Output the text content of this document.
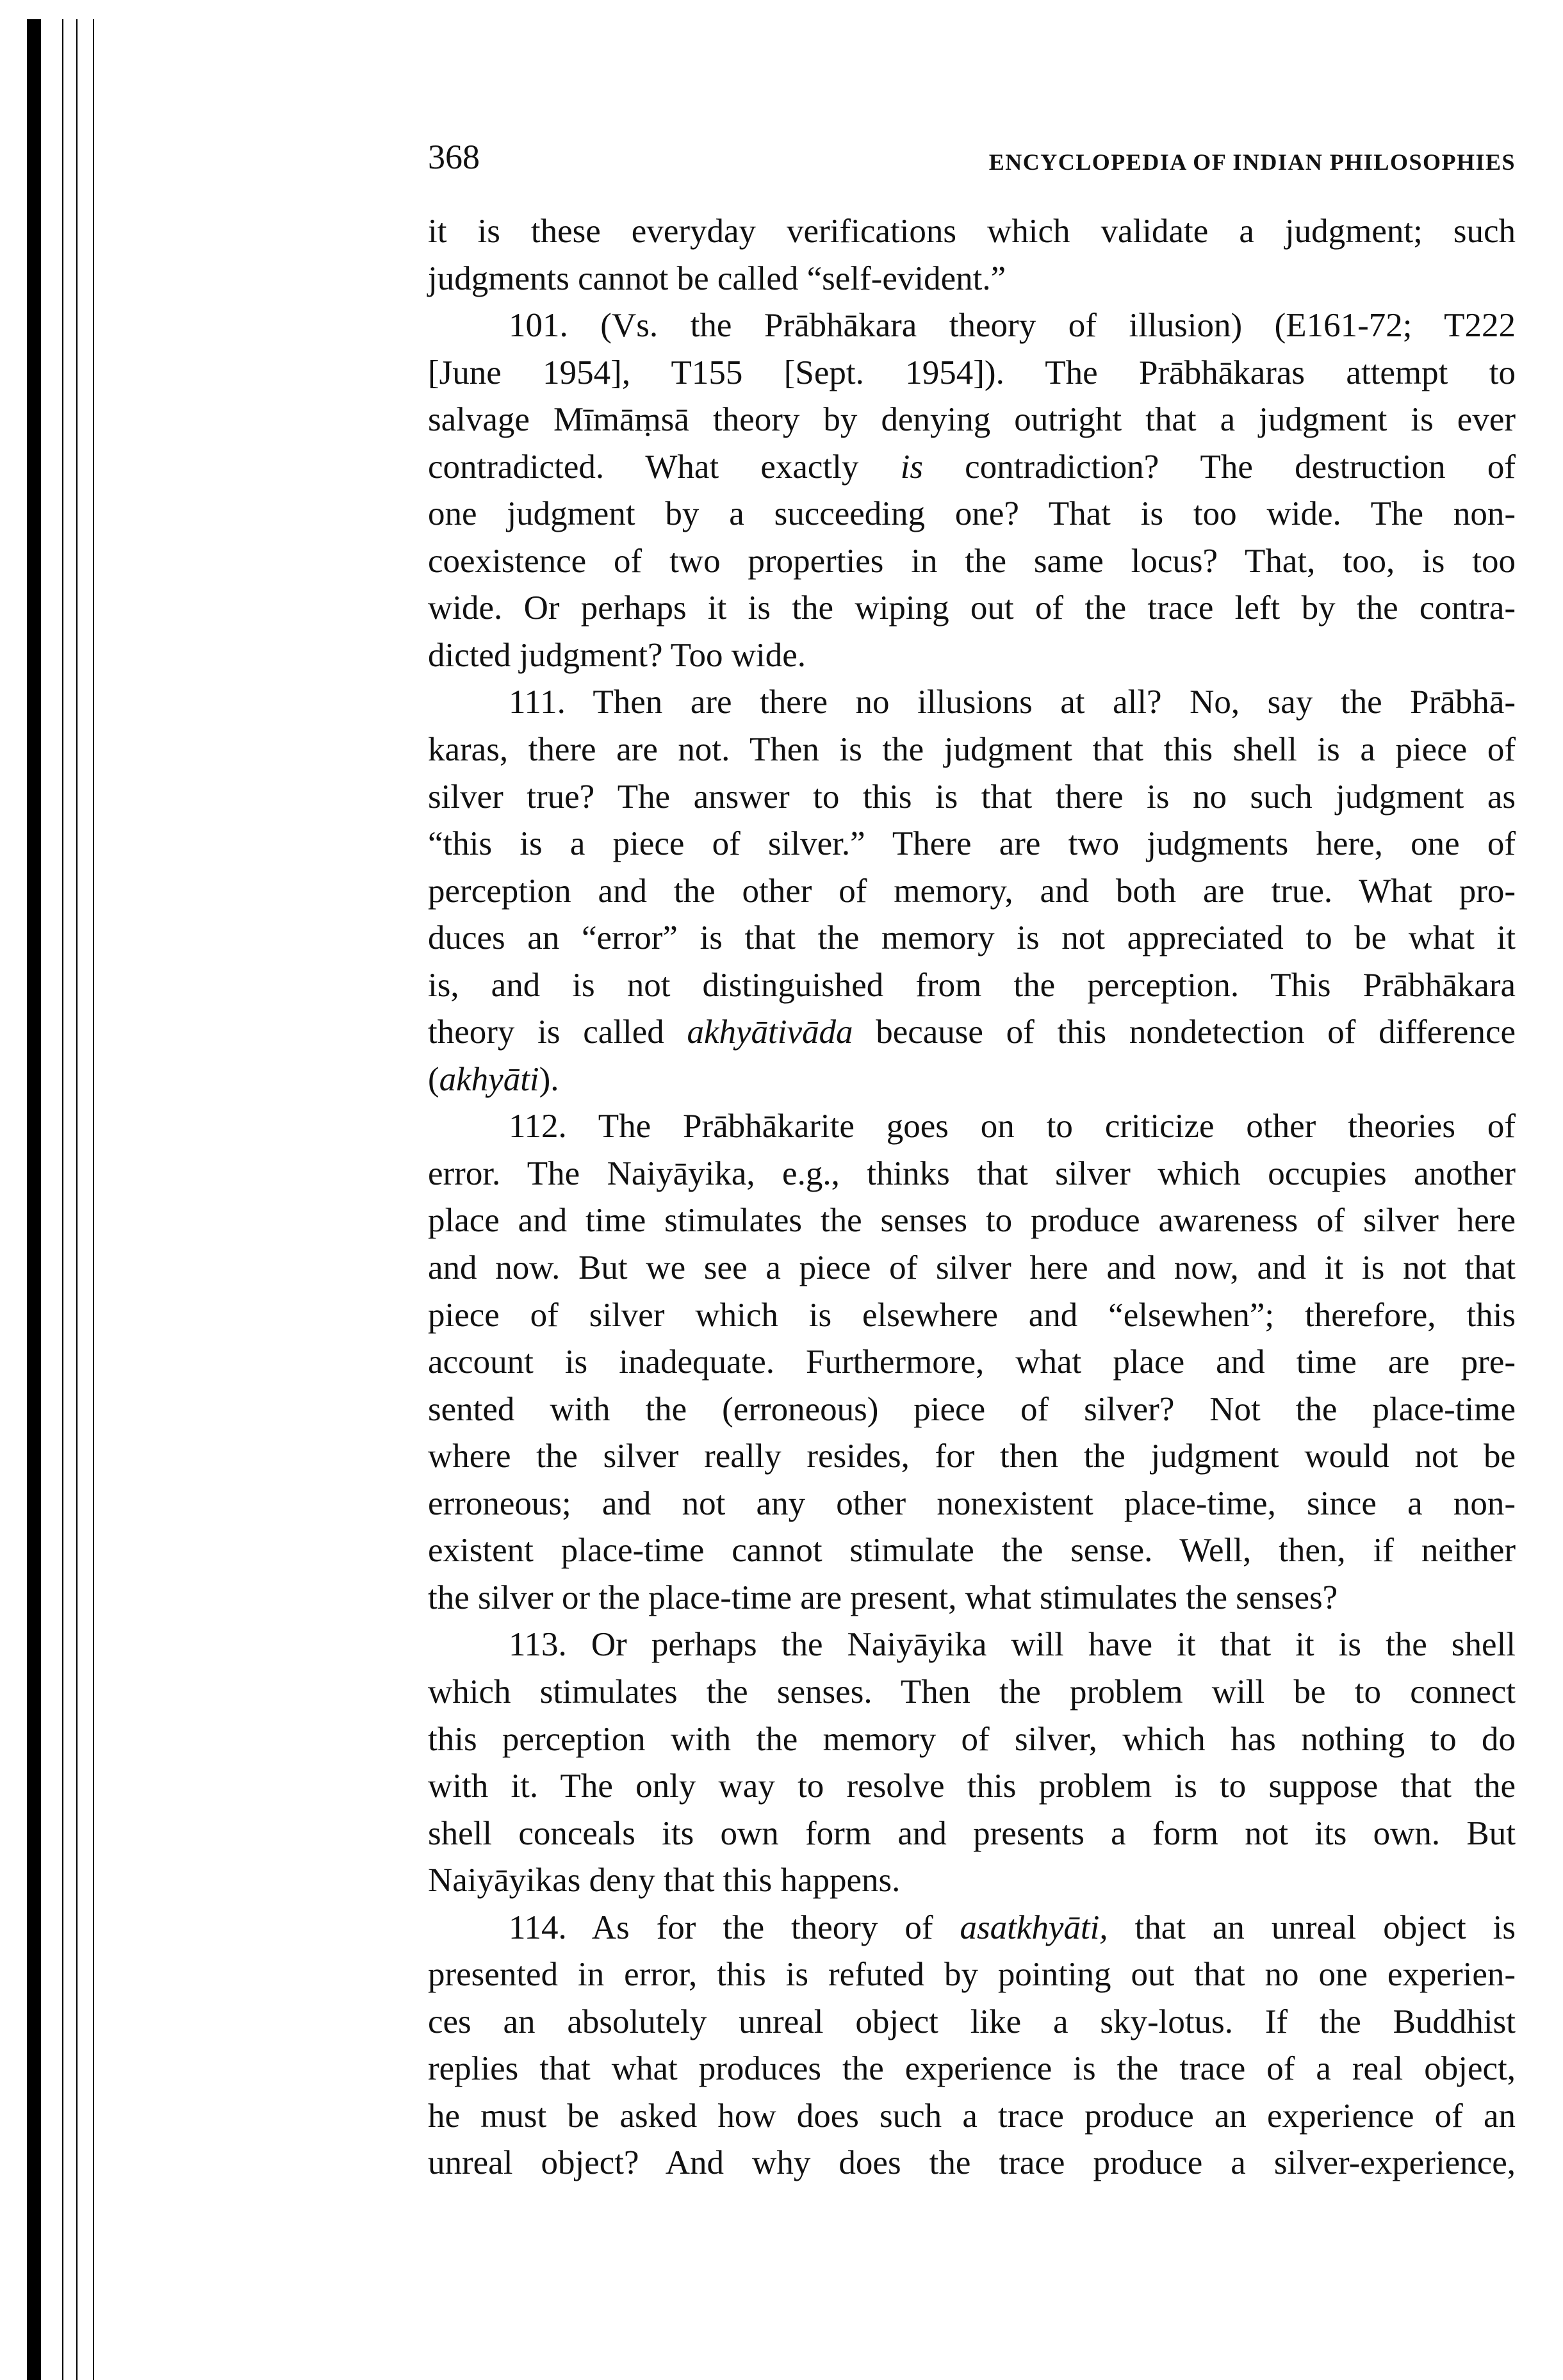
368	ENCYCLOPEDIA OF INDIAN PHILOSOPHIES
it is these everyday verifications which validate a judgment; such
judgments cannot be called “self-evident.”
101. (Vs. the Prābhākara theory of illusion) (E161-72; T222
[June 1954], T155 [Sept. 1954]). The Prābhākaras attempt to
salvage Mīmāṃsā theory by denying outright that a judgment is ever
contradicted. What exactly is contradiction? The destruction of
one judgment by a succeeding one? That is too wide. The non-
coexistence of two properties in the same locus? That, too, is too
wide. Or perhaps it is the wiping out of the trace left by the contra-
dicted judgment? Too wide.
111. Then are there no illusions at all? No, say the Prābhā-
karas, there are not. Then is the judgment that this shell is a piece of
silver true? The answer to this is that there is no such judgment as
“this is a piece of silver.” There are two judgments here, one of
perception and the other of memory, and both are true. What pro-
duces an “error” is that the memory is not appreciated to be what it
is, and is not distinguished from the perception. This Prābhākara
theory is called akhyātivāda because of this nondetection of difference
(akhyāti).
112. The Prābhākarite goes on to criticize other theories of
error. The Naiyāyika, e.g., thinks that silver which occupies another
place and time stimulates the senses to produce awareness of silver here
and now. But we see a piece of silver here and now, and it is not that
piece of silver which is elsewhere and “elsewhen”; therefore, this
account is inadequate. Furthermore, what place and time are pre-
sented with the (erroneous) piece of silver? Not the place-time
where the silver really resides, for then the judgment would not be
erroneous; and not any other nonexistent place-time, since a non-
existent place-time cannot stimulate the sense. Well, then, if neither
the silver or the place-time are present, what stimulates the senses?
113. Or perhaps the Naiyāyika will have it that it is the shell
which stimulates the senses. Then the problem will be to connect
this perception with the memory of silver, which has nothing to do
with it. The only way to resolve this problem is to suppose that the
shell conceals its own form and presents a form not its own. But
Naiyāyikas deny that this happens.
114. As for the theory of asatkhyāti, that an unreal object is
presented in error, this is refuted by pointing out that no one experien-
ces an absolutely unreal object like a sky-lotus. If the Buddhist
replies that what produces the experience is the trace of a real object,
he must be asked how does such a trace produce an experience of an
unreal object? And why does the trace produce a silver-experience,
